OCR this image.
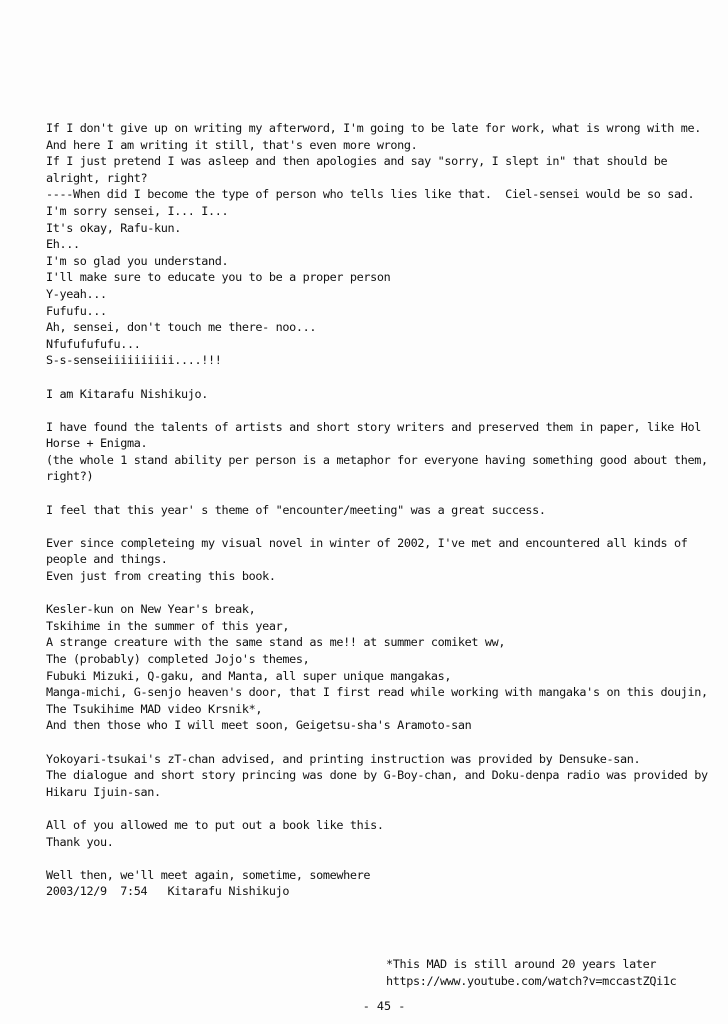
If I don't give up on writing my afterword, I'm going to be late for work, what is wrong with me.
And here I am writing it still, that's even more wrong.
If I just pretend I was asleep and then apologies and say "sorry, I slept in" that should be alright, right?
----When did I become the type of person who tells lies like that.  Ciel-sensei would be so sad.
I'm sorry sensei, I... I...
It's okay, Rafu-kun.
Eh...
I'm so glad you understand.
I'll make sure to educate you to be a proper person
Y-yeah...
Fufufu...
Ah, sensei, don't touch me there- noo...
Nfufufufufu...
S-s-senseiiiiiiiiii....!!!
I am Kitarafu Nishikujo.
I have found the talents of artists and short story writers and preserved them in paper, like Hol Horse + Enigma.
(the whole 1 stand ability per person is a metaphor for everyone having something good about them, right?)
I feel that this year' s theme of "encounter/meeting" was a great success.
Ever since completeing my visual novel in winter of 2002, I've met and encountered all kinds of people and things.
Even just from creating this book.
Kesler-kun on New Year's break,
Tskihime in the summer of this year,
A strange creature with the same stand as me!! at summer comiket ww,
The (probably) completed Jojo's themes,
Fubuki Mizuki, Q-gaku, and Manta, all super unique mangakas,
Manga-michi, G-senjo heaven's door, that I first read while working with mangaka's on this doujin,
The Tsukihime MAD video Krsnik*,
And then those who I will meet soon, Geigetsu-sha's Aramoto-san
Yokoyari-tsukai's zT-chan advised, and printing instruction was provided by Densuke-san.
The dialogue and short story princing was done by G-Boy-chan, and Doku-denpa radio was provided by Hikaru Ijuin-san.
All of you allowed me to put out a book like this.
Thank you.
Well then, we'll meet again, sometime, somewhere
2003/12/9  7:54   Kitarafu Nishikujo
*This MAD is still around 20 years later
https://www.youtube.com/watch?v=mccastZQi1c
- 45 -
